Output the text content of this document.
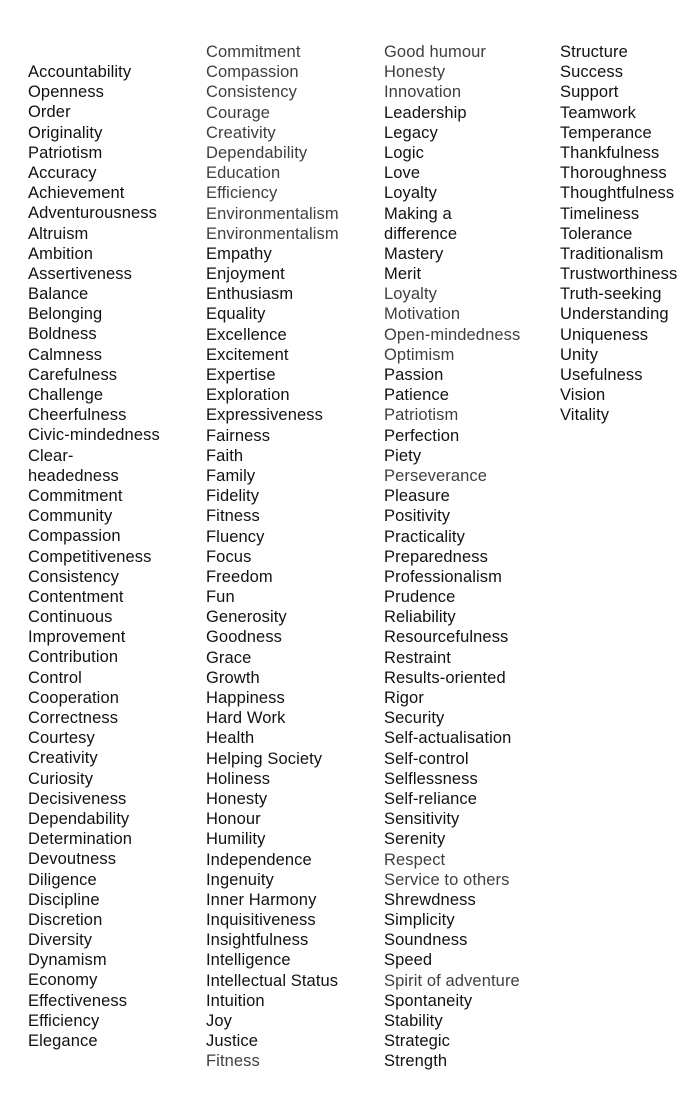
Accountability
Openness
Order
Originality
Patriotism
Accuracy
Achievement
Adventurousness
Altruism
Ambition
Assertiveness
Balance
Belonging
Boldness
Calmness
Carefulness
Challenge
Cheerfulness
Civic-mindedness
Clear-
headedness
Commitment
Community
Compassion
Competitiveness
Consistency
Contentment
Continuous
Improvement
Contribution
Control
Cooperation
Correctness
Courtesy
Creativity
Curiosity
Decisiveness
Dependability
Determination
Devoutness
Diligence
Discipline
Discretion
Diversity
Dynamism
Economy
Effectiveness
Efficiency
Elegance
Commitment
Compassion
Consistency
Courage
Creativity
Dependability
Education
Efficiency
Environmentalism
Environmentalism
Empathy
Enjoyment
Enthusiasm
Equality
Excellence
Excitement
Expertise
Exploration
Expressiveness
Fairness
Faith
Family
Fidelity
Fitness
Fluency
Focus
Freedom
Fun
Generosity
Goodness
Grace
Growth
Happiness
Hard Work
Health
Helping Society
Holiness
Honesty
Honour
Humility
Independence
Ingenuity
Inner Harmony
Inquisitiveness
Insightfulness
Intelligence
Intellectual Status
Intuition
Joy
Justice
Fitness
Good humour
Honesty
Innovation
Leadership
Legacy
Logic
Love
Loyalty
Making a
difference
Mastery
Merit
Loyalty
Motivation
Open-mindedness
Optimism
Passion
Patience
Patriotism
Perfection
Piety
Perseverance
Pleasure
Positivity
Practicality
Preparedness
Professionalism
Prudence
Reliability
Resourcefulness
Restraint
Results-oriented
Rigor
Security
Self-actualisation
Self-control
Selflessness
Self-reliance
Sensitivity
Serenity
Respect
Service to others
Shrewdness
Simplicity
Soundness
Speed
Spirit of adventure
Spontaneity
Stability
Strategic
Strength
Structure
Success
Support
Teamwork
Temperance
Thankfulness
Thoroughness
Thoughtfulness
Timeliness
Tolerance
Traditionalism
Trustworthiness
Truth-seeking
Understanding
Uniqueness
Unity
Usefulness
Vision
Vitality
